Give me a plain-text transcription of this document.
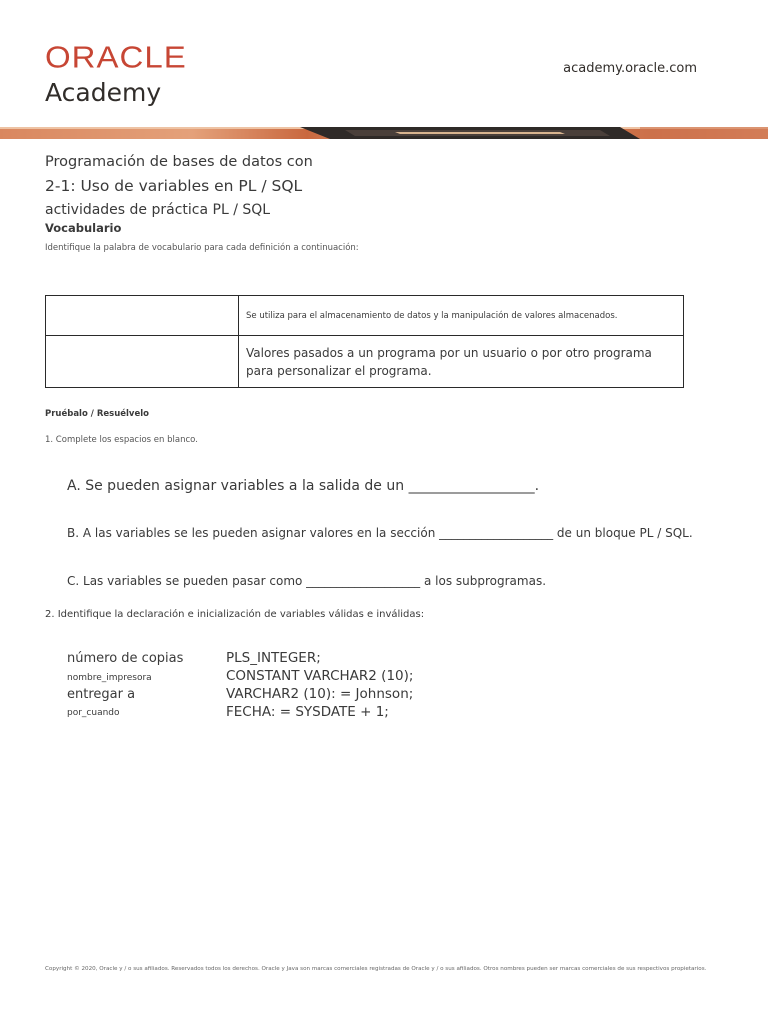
ORACLE
Academy
academy.oracle.com
Programación de bases de datos con
2-1: Uso de variables en PL / SQL
actividades de práctica PL / SQL
Vocabulario
Identifique la palabra de vocabulario para cada definición a continuación:
	Se utiliza para el almacenamiento de datos y la manipulación de valores almacenados.
	Valores pasados a un programa por un usuario o por otro programa para personalizar el programa.
Pruébalo / Resuélvelo
1. Complete los espacios en blanco.
A. Se pueden asignar variables a la salida de un __________________.
B. A las variables se les pueden asignar valores en la sección ___________________ de un bloque PL / SQL.
C. Las variables se pueden pasar como ___________________ a los subprogramas.
2. Identifique la declaración e inicialización de variables válidas e inválidas:
número de copias	PLS_INTEGER;
nombre_impresora	CONSTANT VARCHAR2 (10);
entregar a	VARCHAR2 (10): = Johnson;
por_cuando	FECHA: = SYSDATE + 1;
Copyright © 2020, Oracle y / o sus afiliados. Reservados todos los derechos. Oracle y Java son marcas comerciales registradas de Oracle y / o sus afiliados. Otros nombres pueden ser marcas comerciales de sus respectivos propietarios.
